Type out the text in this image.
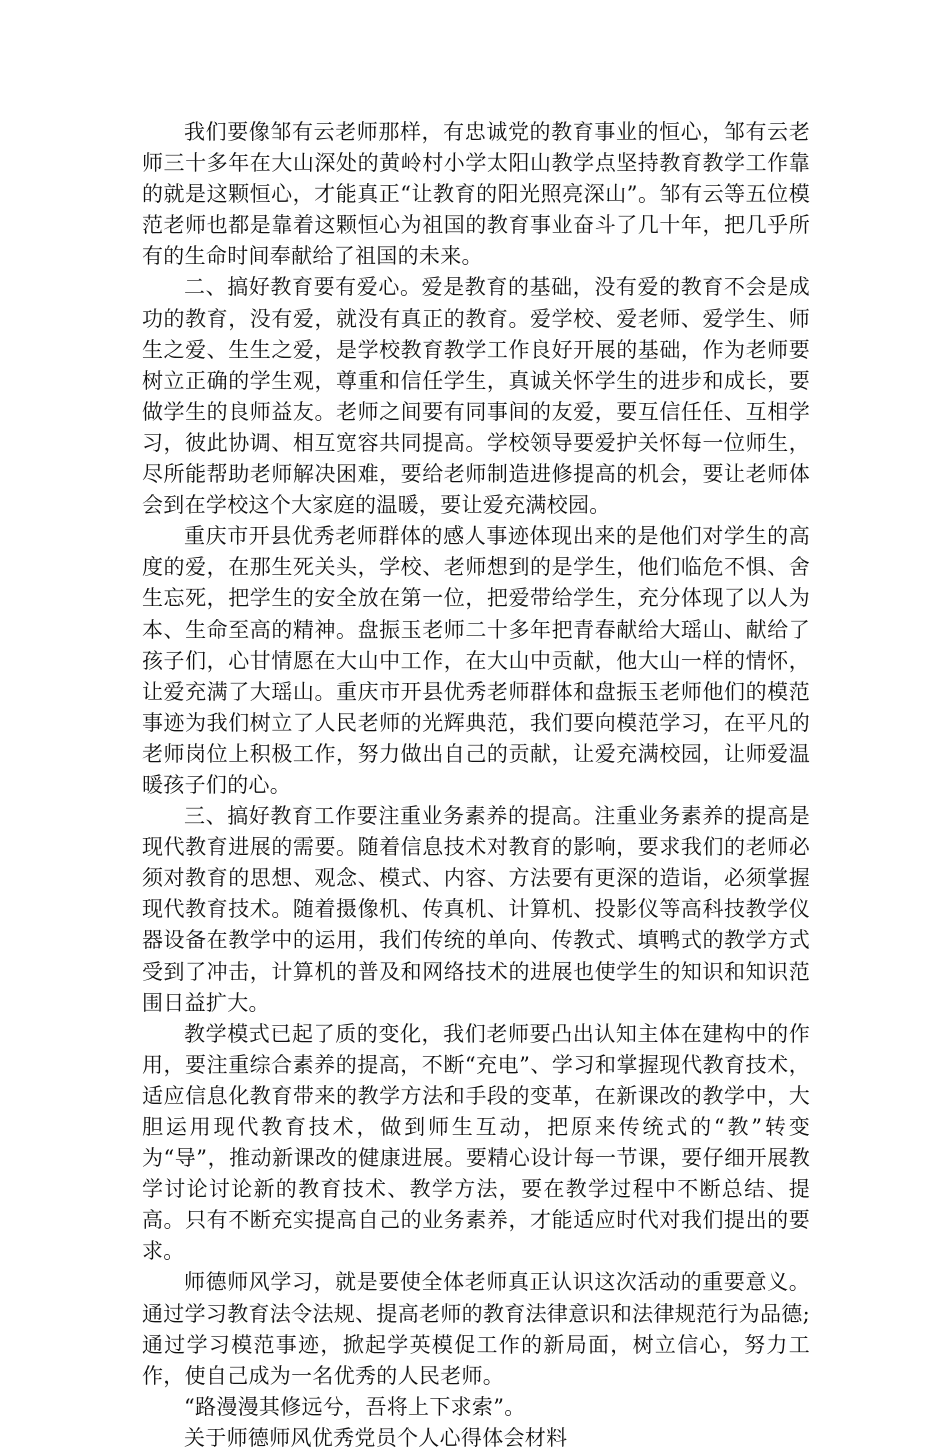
我们要像邹有云老师那样，有忠诚党的教育事业的恒心，邹有云老师三十多年在大山深处的黄岭村小学太阳山教学点坚持教育教学工作靠的就是这颗恒心，才能真正“让教育的阳光照亮深山”。邹有云等五位模范老师也都是靠着这颗恒心为祖国的教育事业奋斗了几十年，把几乎所有的生命时间奉献给了祖国的未来。

二、搞好教育要有爱心。爱是教育的基础，没有爱的教育不会是成功的教育，没有爱，就没有真正的教育。爱学校、爱老师、爱学生、师生之爱、生生之爱，是学校教育教学工作良好开展的基础，作为老师要树立正确的学生观，尊重和信任学生，真诚关怀学生的进步和成长，要做学生的良师益友。老师之间要有同事间的友爱，要互信任任、互相学习，彼此协调、相互宽容共同提高。学校领导要爱护关怀每一位师生，尽所能帮助老师解决困难，要给老师制造进修提高的机会，要让老师体会到在学校这个大家庭的温暖，要让爱充满校园。

重庆市开县优秀老师群体的感人事迹体现出来的是他们对学生的高度的爱，在那生死关头，学校、老师想到的是学生，他们临危不惧、舍生忘死，把学生的安全放在第一位，把爱带给学生，充分体现了以人为本、生命至高的精神。盘振玉老师二十多年把青春献给大瑶山、献给了孩子们，心甘情愿在大山中工作，在大山中贡献，他大山一样的情怀，让爱充满了大瑶山。重庆市开县优秀老师群体和盘振玉老师他们的模范事迹为我们树立了人民老师的光辉典范，我们要向模范学习，在平凡的老师岗位上积极工作，努力做出自己的贡献，让爱充满校园，让师爱温暖孩子们的心。

三、搞好教育工作要注重业务素养的提高。注重业务素养的提高是现代教育进展的需要。随着信息技术对教育的影响，要求我们的老师必须对教育的思想、观念、模式、内容、方法要有更深的造诣，必须掌握现代教育技术。随着摄像机、传真机、计算机、投影仪等高科技教学仪器设备在教学中的运用，我们传统的单向、传教式、填鸭式的教学方式受到了冲击，计算机的普及和网络技术的进展也使学生的知识和知识范围日益扩大。

教学模式已起了质的变化，我们老师要凸出认知主体在建构中的作用，要注重综合素养的提高，不断“充电”、学习和掌握现代教育技术，适应信息化教育带来的教学方法和手段的变革，在新课改的教学中，大胆运用现代教育技术，做到师生互动，把原来传统式的“教”转变为“导”，推动新课改的健康进展。要精心设计每一节课，要仔细开展教学讨论讨论新的教育技术、教学方法，要在教学过程中不断总结、提高。只有不断充实提高自己的业务素养，才能适应时代对我们提出的要求。

师德师风学习，就是要使全体老师真正认识这次活动的重要意义。通过学习教育法令法规、提高老师的教育法律意识和法律规范行为品德;通过学习模范事迹，掀起学英模促工作的新局面，树立信心，努力工作，使自己成为一名优秀的人民老师。

“路漫漫其修远兮，吾将上下求索”。

关于师德师风优秀党员个人心得体会材料
